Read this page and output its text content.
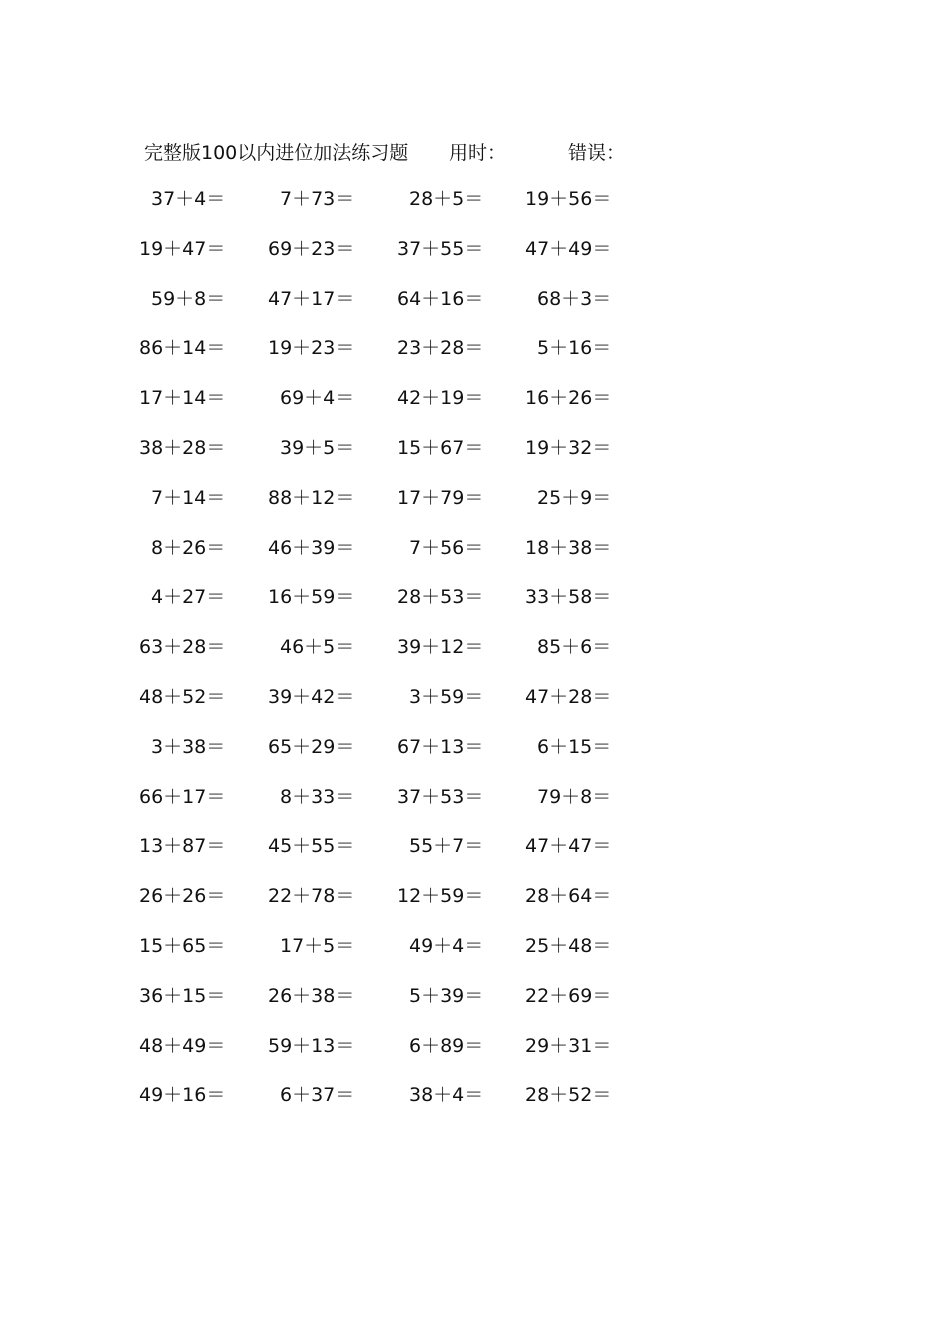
完整版100以内进位加法练习题 用时：	错误：
37＋4＝	7＋73＝	28＋5＝ 19＋56＝
19＋47＝ 69＋23＝ 37＋55＝ 47＋49＝
59＋8＝ 47＋17＝ 64＋16＝	68＋3＝
86＋14＝ 19＋23＝ 23＋28＝	5＋16＝
17＋14＝	69＋4＝ 42＋19＝ 16＋26＝
38＋28＝	39＋5＝ 15＋67＝ 19＋32＝
7＋14＝ 88＋12＝ 17＋79＝	25＋9＝
8＋26＝ 46＋39＝	7＋56＝ 18＋38＝
4＋27＝ 16＋59＝ 28＋53＝ 33＋58＝
63＋28＝	46＋5＝ 39＋12＝	85＋6＝
48＋52＝ 39＋42＝	3＋59＝ 47＋28＝
3＋38＝ 65＋29＝ 67＋13＝	6＋15＝
66＋17＝	8＋33＝ 37＋53＝	79＋8＝
13＋87＝ 45＋55＝	55＋7＝ 47＋47＝
26＋26＝ 22＋78＝ 12＋59＝ 28＋64＝
15＋65＝	17＋5＝	49＋4＝ 25＋48＝
36＋15＝ 26＋38＝	5＋39＝ 22＋69＝
48＋49＝ 59＋13＝	6＋89＝ 29＋31＝
49＋16＝	6＋37＝	38＋4＝ 28＋52＝
